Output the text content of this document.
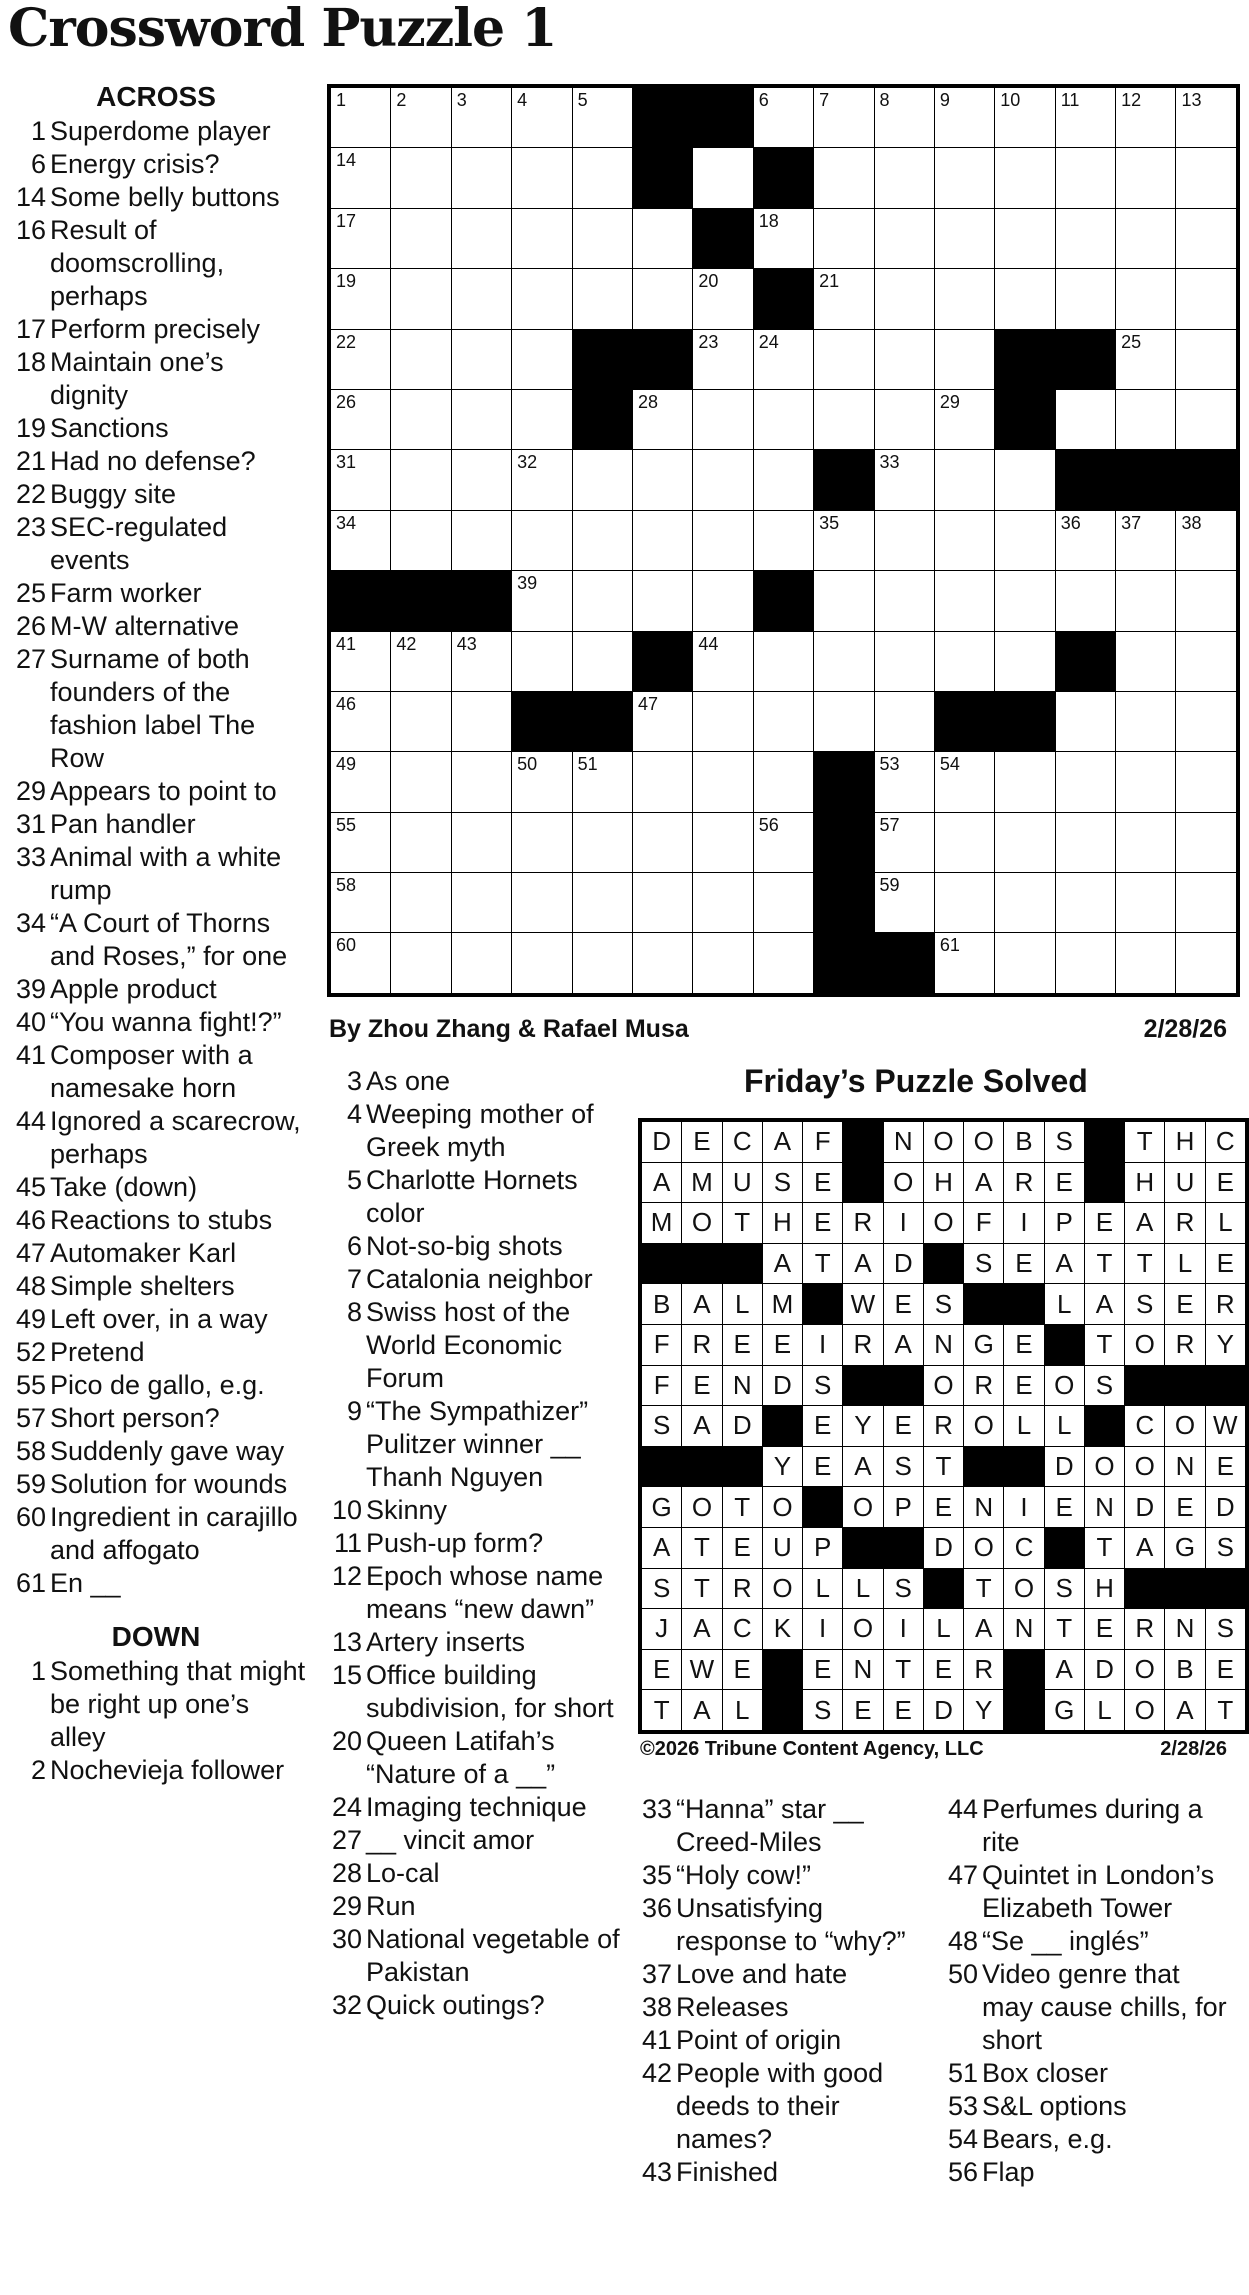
Crossword Puzzle 1
ACROSS
1 Superdome player
6 Energy crisis?
14 Some belly buttons
16 Result of doomscrolling, perhaps
17 Perform precisely
18 Maintain one’s dignity
19 Sanctions
21 Had no defense?
22 Buggy site
23 SEC-regulated events
25 Farm worker
26 M-W alternative
27 Surname of both founders of the fashion label The Row
29 Appears to point to
31 Pan handler
33 Animal with a white rump
34 “A Court of Thorns and Roses,” for one
39 Apple product
40 “You wanna fight!?”
41 Composer with a namesake horn
44 Ignored a scarecrow, perhaps
45 Take (down)
46 Reactions to stubs
47 Automaker Karl
48 Simple shelters
49 Left over, in a way
52 Pretend
55 Pico de gallo, e.g.
57 Short person?
58 Suddenly gave way
59 Solution for wounds
60 Ingredient in carajillo and affogato
61 En __
DOWN
1 Something that might be right up one’s alley
2 Nochevieja follower
1	2	3	4	5			6	7	8	9	10	11	12	13

14														

17							18							

19						20		21						

22						23	24						25	

26					28					29				

31			32						33					

34								35				36	37	38

			39											

41	42	43				44								

46					47									

49			50	51					53	54				

55							56		57					

58									59					

60										61				

By Zhou Zhang & Rafael Musa	2/28/26
3 As one
4 Weeping mother of Greek myth
5 Charlotte Hornets color
6 Not-so-big shots
7 Catalonia neighbor
8 Swiss host of the World Economic Forum
9 “The Sympathizer” Pulitzer winner __ Thanh Nguyen
10 Skinny
11 Push-up form?
12 Epoch whose name means “new dawn”
13 Artery inserts
15 Office building subdivision, for short
20 Queen Latifah’s “Nature of a __”
24 Imaging technique
27 __ vincit amor
28 Lo-cal
29 Run
30 National vegetable of Pakistan
32 Quick outings?
Friday’s Puzzle Solved
D	E	C	A	F		N	O	O	B	S		T	H	C
A	M	U	S	E		O	H	A	R	E		H	U	E
M	O	T	H	E	R	I	O	F	I	P	E	A	R	L
			A	T	A	D		S	E	A	T	T	L	E
B	A	L	M		W	E	S			L	A	S	E	R
F	R	E	E	I	R	A	N	G	E		T	O	R	Y
F	E	N	D	S			O	R	E	O	S			
S	A	D		E	Y	E	R	O	L	L		C	O	W
			Y	E	A	S	T			D	O	O	N	E
G	O	T	O		O	P	E	N	I	E	N	D	E	D
A	T	E	U	P			D	O	C		T	A	G	S
S	T	R	O	L	L	S		T	O	S	H			
J	A	C	K	I	O	I	L	A	N	T	E	R	N	S
E	W	E		E	N	T	E	R		A	D	O	B	E
T	A	L		S	E	E	D	Y		G	L	O	A	T
©2026 Tribune Content Agency, LLC	2/28/26
33 “Hanna” star __ Creed-Miles
35 “Holy cow!”
36 Unsatisfying response to “why?”
37 Love and hate
38 Releases
41 Point of origin
42 People with good deeds to their names?
43 Finished
44 Perfumes during a rite
47 Quintet in London’s Elizabeth Tower
48 “Se __ inglés”
50 Video genre that may cause chills, for short
51 Box closer
53 S&L options
54 Bears, e.g.
56 Flap
